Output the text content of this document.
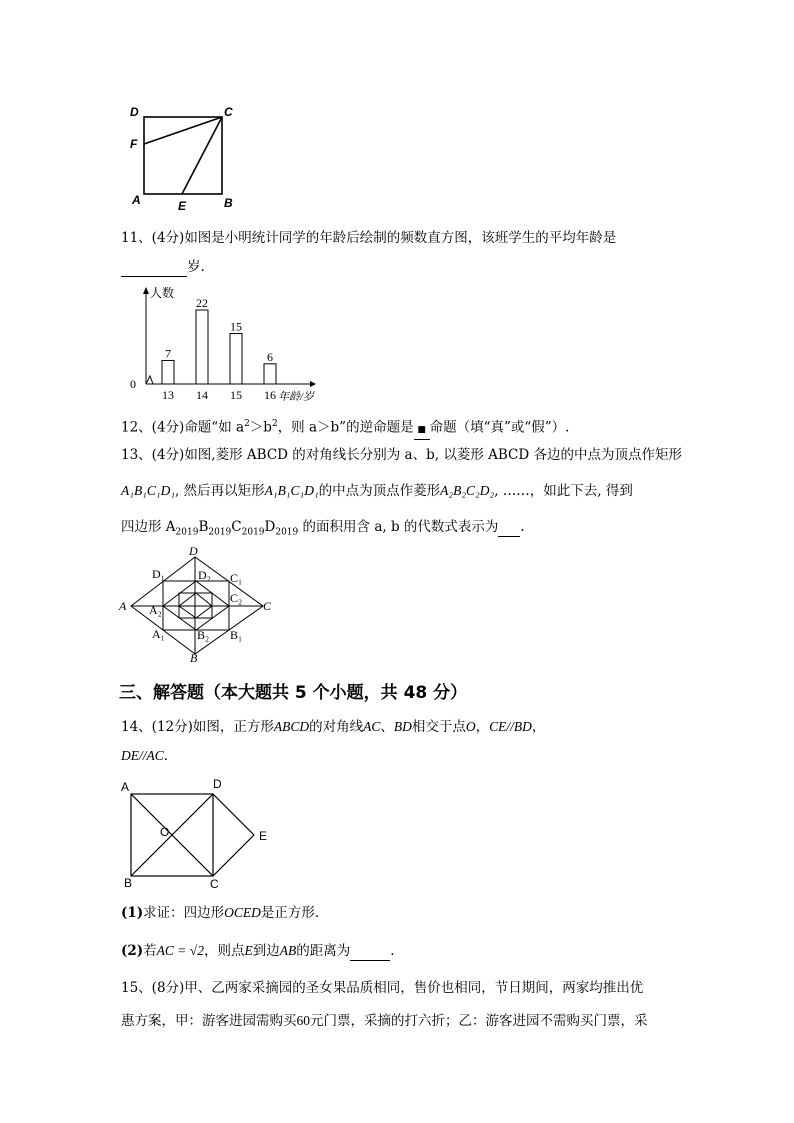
D	C
F
A	E	B
11、(4分)如图是小明统计同学的年龄后绘制的频数直方图，该班学生的平均年龄是
岁.
7
13
22
14
15
15
6
16
人数
年龄/岁
0
12、(4分)命题“如 $a^2>b^2$，则 a＞b”的逆命题是 ■ 命题（填“真”或“假”）.
13、(4分)如图,菱形 ABCD 的对角线长分别为 a、b, 以菱形 ABCD 各边的中点为顶点作矩形
A₁B₁C₁D₁, 然后再以矩形A₁B₁C₁D₁的中点为顶点作菱形A₂B₂C₂D₂, ……，如此下去, 得到
四边形 $A_{2019}B_{2019}C_{2019}D_{2019}$ 的面积用含 a, b 的代数式表示为 .
D
D₁	D₂ C₁
C₂
A A₂	C
A₁	B₂ B₁
B
三、解答题（本大题共 5 个小题，共 48 分）
14、(12分)如图，正方形ABCD的对角线AC、BD相交于点O，CE//BD，
DE//AC.
A	D
O	E
B	C
(1)求证：四边形OCED是正方形.
(2)若AC = √2，则点E到边AB的距离为	.
15、(8分)甲、乙两家采摘园的圣女果品质相同，售价也相同，节日期间，两家均推出优
惠方案，甲：游客进园需购买60元门票，采摘的打六折；乙：游客进园不需购买门票，采
